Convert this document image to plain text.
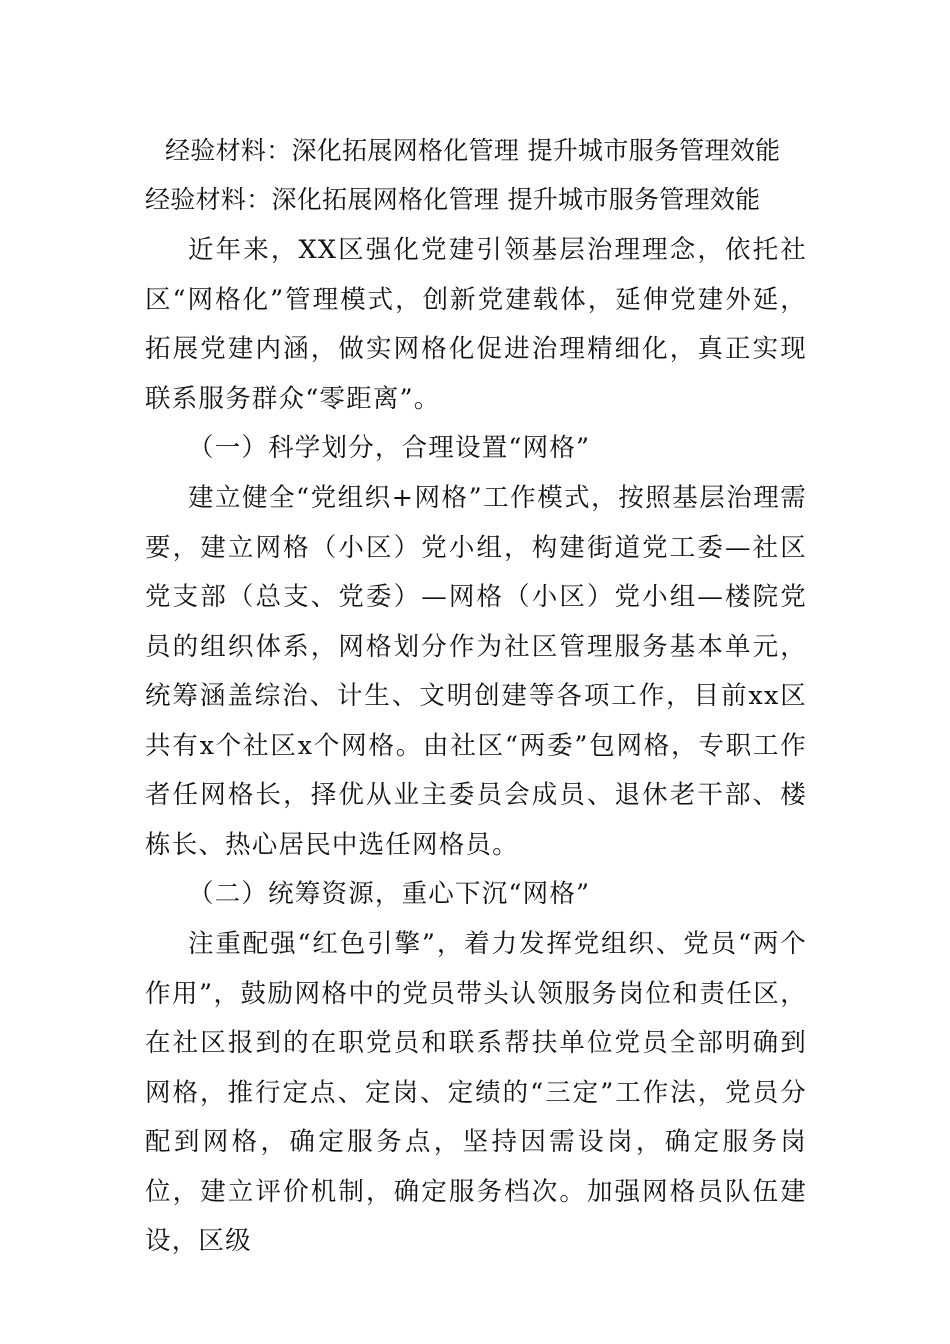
经验材料：深化拓展网格化管理 提升城市服务管理效能
经验材料：深化拓展网格化管理 提升城市服务管理效能

近年来，XX区强化党建引领基层治理理念，依托社区“网格化”管理模式，创新党建载体，延伸党建外延，拓展党建内涵，做实网格化促进治理精细化，真正实现联系服务群众“零距离”。

（一）科学划分，合理设置“网格”

建立健全“党组织+网格”工作模式，按照基层治理需要，建立网格（小区）党小组，构建街道党工委—社区党支部（总支、党委）—网格（小区）党小组—楼院党员的组织体系，网格划分作为社区管理服务基本单元，统筹涵盖综治、计生、文明创建等各项工作，目前xx区共有x个社区x个网格。由社区“两委”包网格，专职工作者任网格长，择优从业主委员会成员、退休老干部、楼栋长、热心居民中选任网格员。

（二）统筹资源，重心下沉“网格”

注重配强“红色引擎”，着力发挥党组织、党员“两个作用”，鼓励网格中的党员带头认领服务岗位和责任区，在社区报到的在职党员和联系帮扶单位党员全部明确到网格，推行定点、定岗、定绩的“三定”工作法，党员分配到网格，确定服务点，坚持因需设岗，确定服务岗位，建立评价机制，确定服务档次。加强网格员队伍建设，区级
